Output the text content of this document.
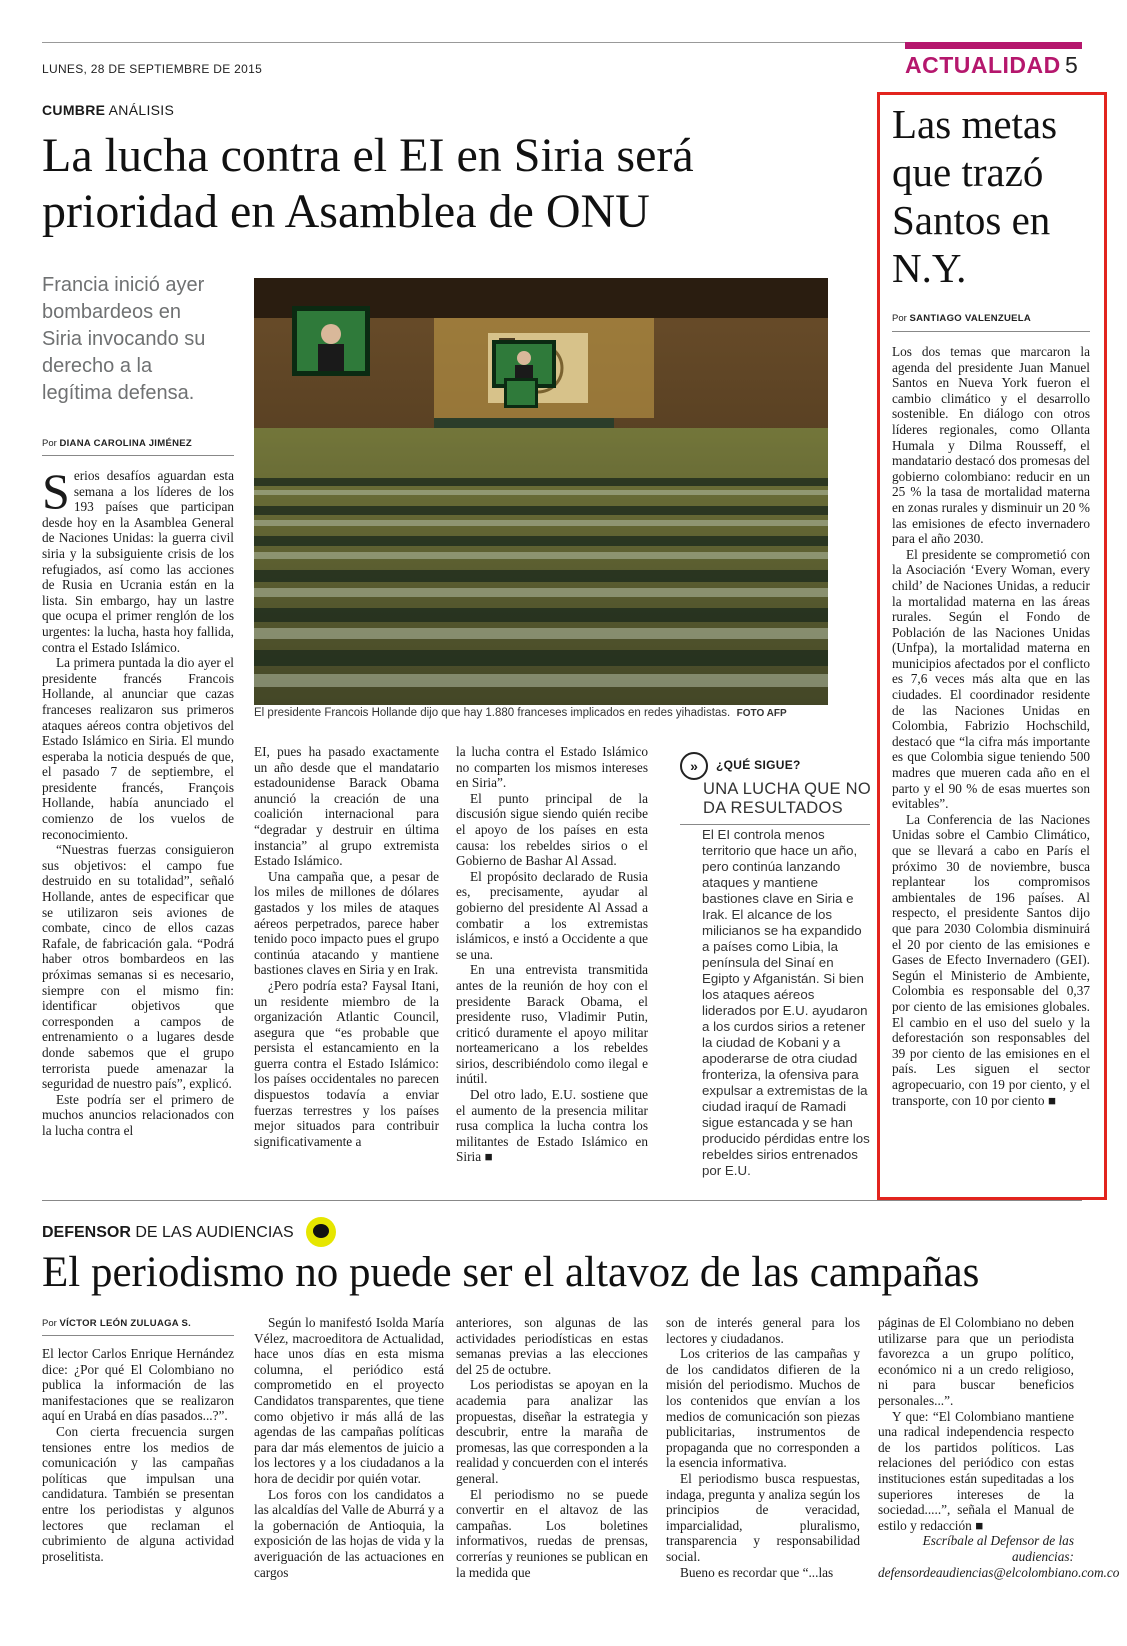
LUNES, 28 DE SEPTIEMBRE DE 2015	ACTUALIDAD 5
CUMBRE ANÁLISIS
La lucha contra el EI en Siria será prioridad en Asamblea de ONU
Francia inició ayer bombardeos en Siria invocando su derecho a la legítima defensa.
Por DIANA CAROLINA JIMÉNEZ

Serios desafíos aguardan esta semana a los líderes de los 193 países que participan desde hoy en la Asamblea General de Naciones Unidas: la guerra civil siria y la subsiguiente crisis de los refugiados, así como las acciones de Rusia en Ucrania están en la lista. Sin embargo, hay un lastre que ocupa el primer renglón de los urgentes: la lucha, hasta hoy fallida, contra el Estado Islámico.

La primera puntada la dio ayer el presidente francés Francois Hollande, al anunciar que cazas franceses realizaron sus primeros ataques aéreos contra objetivos del Estado Islámico en Siria. El mundo esperaba la noticia después de que, el pasado 7 de septiembre, el presidente francés, François Hollande, había anunciado el comienzo de los vuelos de reconocimiento.

“Nuestras fuerzas consiguieron sus objetivos: el campo fue destruido en su totalidad”, señaló Hollande, antes de especificar que se utilizaron seis aviones de combate, cinco de ellos cazas Rafale, de fabricación gala. “Podrá haber otros bombardeos en las próximas semanas si es necesario, siempre con el mismo fin: identificar objetivos que corresponden a campos de entrenamiento o a lugares desde donde sabemos que el grupo terrorista puede amenazar la seguridad de nuestro país”, explicó.

Este podría ser el primero de muchos anuncios relacionados con la lucha contra el

El presidente Francois Hollande dijo que hay 1.880 franceses implicados en redes yihadistas. FOTO AFP

EI, pues ha pasado exactamente un año desde que el mandatario estadounidense Barack Obama anunció la creación de una coalición internacional para “degradar y destruir en última instancia” al grupo extremista Estado Islámico.

Una campaña que, a pesar de los miles de millones de dólares gastados y los miles de ataques aéreos perpetrados, parece haber tenido poco impacto pues el grupo continúa atacando y mantiene bastiones claves en Siria y en Irak.

¿Pero podría esta? Faysal Itani, un residente miembro de la organización Atlantic Council, asegura que “es probable que persista el estancamiento en la guerra contra el Estado Islámico: los países occidentales no parecen dispuestos todavía a enviar fuerzas terrestres y los países mejor situados para contribuir significativamente a

la lucha contra el Estado Islámico no comparten los mismos intereses en Siria”.

El punto principal de la discusión sigue siendo quién recibe el apoyo de los países en esta causa: los rebeldes sirios o el Gobierno de Bashar Al Assad.

El propósito declarado de Rusia es, precisamente, ayudar al gobierno del presidente Al Assad a combatir a los extremistas islámicos, e instó a Occidente a que se una.

En una entrevista transmitida antes de la reunión de hoy con el presidente Barack Obama, el presidente ruso, Vladimir Putin, criticó duramente el apoyo militar norteamericano a los rebeldes sirios, describiéndolo como ilegal e inútil.

Del otro lado, E.U. sostiene que el aumento de la presencia militar rusa complica la lucha contra los militantes de Estado Islámico en Siria ■

»	¿QUÉ SIGUE?
UNA LUCHA QUE NO DA RESULTADOS
El EI controla menos territorio que hace un año, pero continúa lanzando ataques y mantiene bastiones clave en Siria e Irak. El alcance de los milicianos se ha expandido a países como Libia, la península del Sinaí en Egipto y Afganistán. Si bien los ataques aéreos liderados por E.U. ayudaron a los curdos sirios a retener la ciudad de Kobani y a apoderarse de otra ciudad fronteriza, la ofensiva para expulsar a extremistas de la ciudad iraquí de Ramadi sigue estancada y se han producido pérdidas entre los rebeldes sirios entrenados por E.U.
Las metas que trazó Santos en N.Y.
Por SANTIAGO VALENZUELA

Los dos temas que marcaron la agenda del presidente Juan Manuel Santos en Nueva York fueron el cambio climático y el desarrollo sostenible. En diálogo con otros líderes regionales, como Ollanta Humala y Dilma Rousseff, el mandatario destacó dos promesas del gobierno colombiano: reducir en un 25 % la tasa de mortalidad materna en zonas rurales y disminuir un 20 % las emisiones de efecto invernadero para el año 2030.

El presidente se comprometió con la Asociación ‘Every Woman, every child’ de Naciones Unidas, a reducir la mortalidad materna en las áreas rurales. Según el Fondo de Población de las Naciones Unidas (Unfpa), la mortalidad materna en municipios afectados por el conflicto es 7,6 veces más alta que en las ciudades. El coordinador residente de las Naciones Unidas en Colombia, Fabrizio Hochschild, destacó que “la cifra más importante es que Colombia sigue teniendo 500 madres que mueren cada año en el parto y el 90 % de esas muertes son evitables”.

La Conferencia de las Naciones Unidas sobre el Cambio Climático, que se llevará a cabo en París el próximo 30 de noviembre, busca replantear los compromisos ambientales de 196 países. Al respecto, el presidente Santos dijo que para 2030 Colombia disminuirá el 20 por ciento de las emisiones e Gases de Efecto Invernadero (GEI). Según el Ministerio de Ambiente, Colombia es responsable del 0,37 por ciento de las emisiones globales. El cambio en el uso del suelo y la deforestación son responsables del 39 por ciento de las emisiones en el país. Les siguen el sector agropecuario, con 19 por ciento, y el transporte, con 10 por ciento ■

DEFENSOR DE LAS AUDIENCIAS
El periodismo no puede ser el altavoz de las campañas
Por VÍCTOR LEÓN ZULUAGA S.

El lector Carlos Enrique Hernández dice: ¿Por qué El Colombiano no publica la información de las manifestaciones que se realizaron aquí en Urabá en días pasados...?”.

Con cierta frecuencia surgen tensiones entre los medios de comunicación y las campañas políticas que impulsan una candidatura. También se presentan entre los periodistas y algunos lectores que reclaman el cubrimiento de alguna actividad proselitista.

Según lo manifestó Isolda María Vélez, macroeditora de Actualidad, hace unos días en esta misma columna, el periódico está comprometido en el proyecto Candidatos transparentes, que tiene como objetivo ir más allá de las agendas de las campañas políticas para dar más elementos de juicio a los lectores y a los ciudadanos a la hora de decidir por quién votar.

Los foros con los candidatos a las alcaldías del Valle de Aburrá y a la gobernación de Antioquia, la exposición de las hojas de vida y la averiguación de las actuaciones en cargos

anteriores, son algunas de las actividades periodísticas en estas semanas previas a las elecciones del 25 de octubre.

Los periodistas se apoyan en la academia para analizar las propuestas, diseñar la estrategia y descubrir, entre la maraña de promesas, las que corresponden a la realidad y concuerden con el interés general.

El periodismo no se puede convertir en el altavoz de las campañas. Los boletines informativos, ruedas de prensas, correrías y reuniones se publican en la medida que

son de interés general para los lectores y ciudadanos.

Los criterios de las campañas y de los candidatos difieren de la misión del periodismo. Muchos de los contenidos que envían a los medios de comunicación son piezas publicitarias, instrumentos de propaganda que no corresponden a la esencia informativa.

El periodismo busca respuestas, indaga, pregunta y analiza según los principios de veracidad, imparcialidad, pluralismo, transparencia y responsabilidad social.

Bueno es recordar que “...las

páginas de El Colombiano no deben utilizarse para que un periodista favorezca a un grupo político, económico ni a un credo religioso, ni para buscar beneficios personales...”.

Y que: “El Colombiano mantiene una radical independencia respecto de los partidos políticos. Las relaciones del periódico con estas instituciones están supeditadas a los superiores intereses de la sociedad.....”, señala el Manual de estilo y redacción ■

Escríbale al Defensor de las audiencias: defensordeaudiencias@elcolombiano.com.co
